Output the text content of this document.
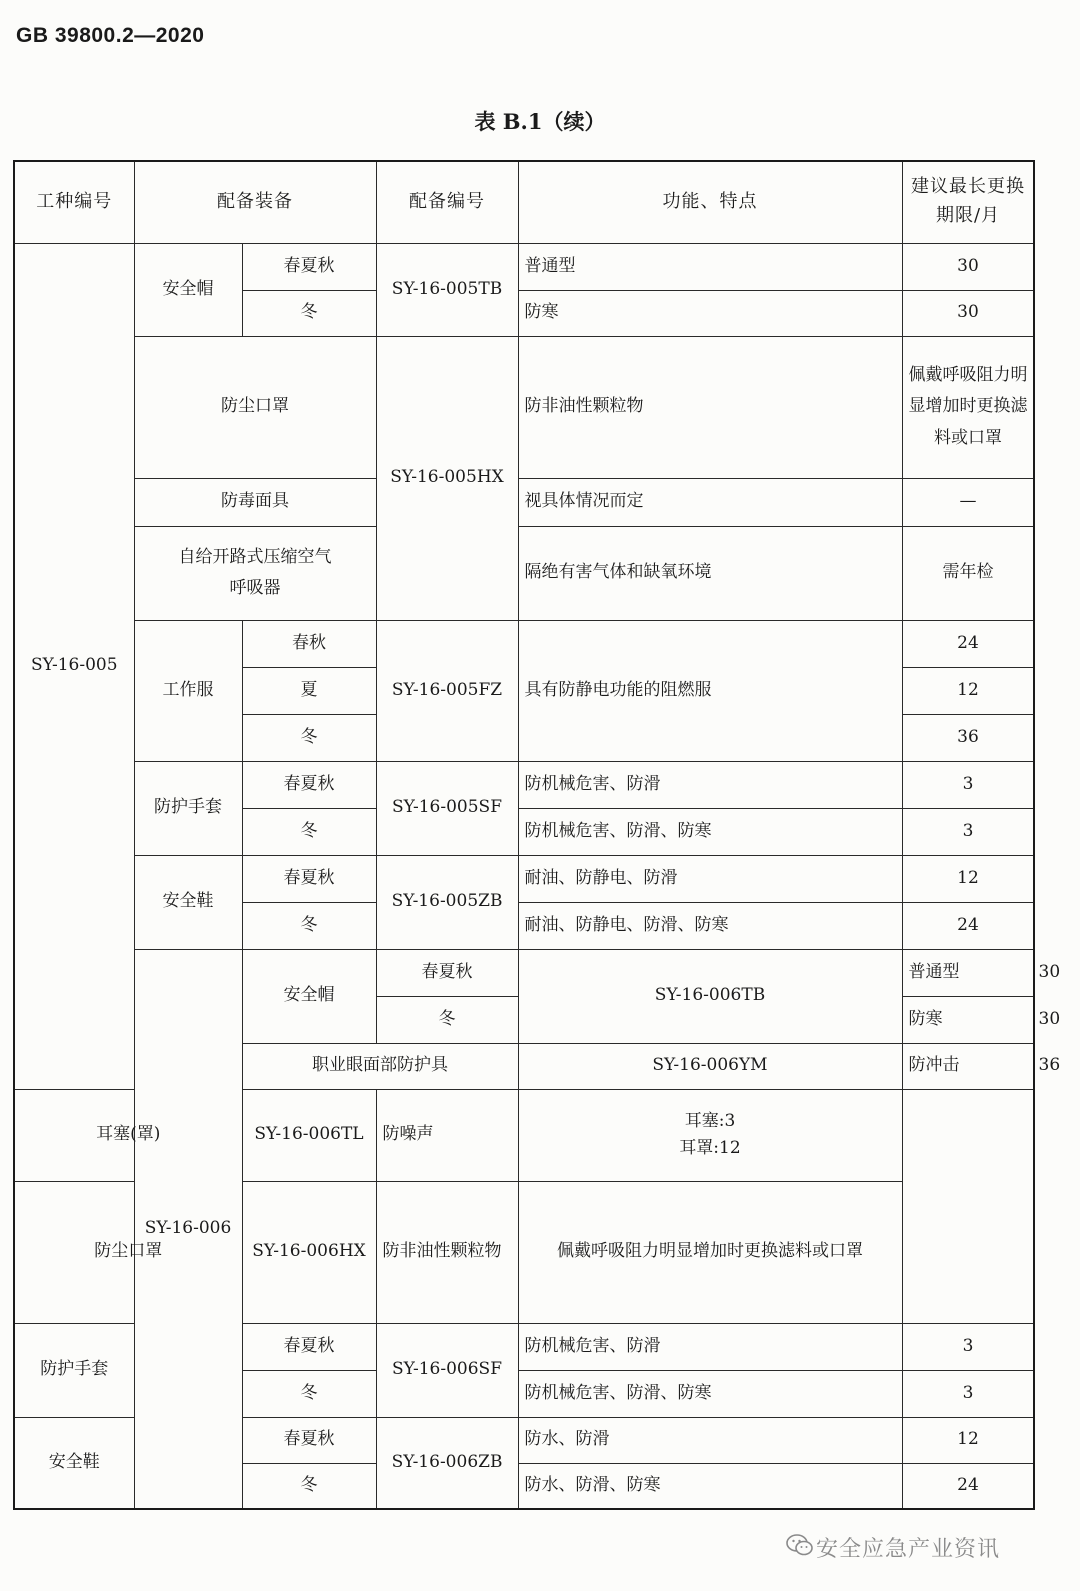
GB 39800.2—2020
表 B.1（续）
工种编号	配备装备		配备编号	功能、特点	建议最长更换期限/月	
SY-16-005	安全帽	春夏秋	SY-16-005TB	普通型	30	
		冬		防寒	30	
	防尘口罩		SY-16-005HX	防非油性颗粒物	佩戴呼吸阻力明显增加时更换滤料或口罩	
	防毒面具			视具体情况而定	—	
	自给开路式压缩空气呼吸器			隔绝有害气体和缺氧环境	需年检	
	工作服	春秋	SY-16-005FZ	具有防静电功能的阻燃服	24	
		夏			12	
		冬			36	
	防护手套	春夏秋	SY-16-005SF	防机械危害、防滑	3	
		冬		防机械危害、防滑、防寒	3	
	安全鞋	春夏秋	SY-16-005ZB	耐油、防静电、防滑	12	
		冬		耐油、防静电、防滑、防寒	24	
	SY-16-006	安全帽	春夏秋	SY-16-006TB	普通型	30
			冬		防寒	30
		职业眼面部防护具		SY-16-006YM	防冲击	36
耳塞(罩)		SY-16-006TL	防噪声	耳塞:3
耳罩:12		

防尘口罩		SY-16-006HX	防非油性颗粒物	佩戴呼吸阻力明显增加时更换滤料或口罩		
防护手套		春夏秋	SY-16-006SF	防机械危害、防滑	3	
		冬		防机械危害、防滑、防寒	3	
安全鞋		春夏秋	SY-16-006ZB	防水、防滑	12	
		冬		防水、防滑、防寒	24	
安全应急产业资讯
